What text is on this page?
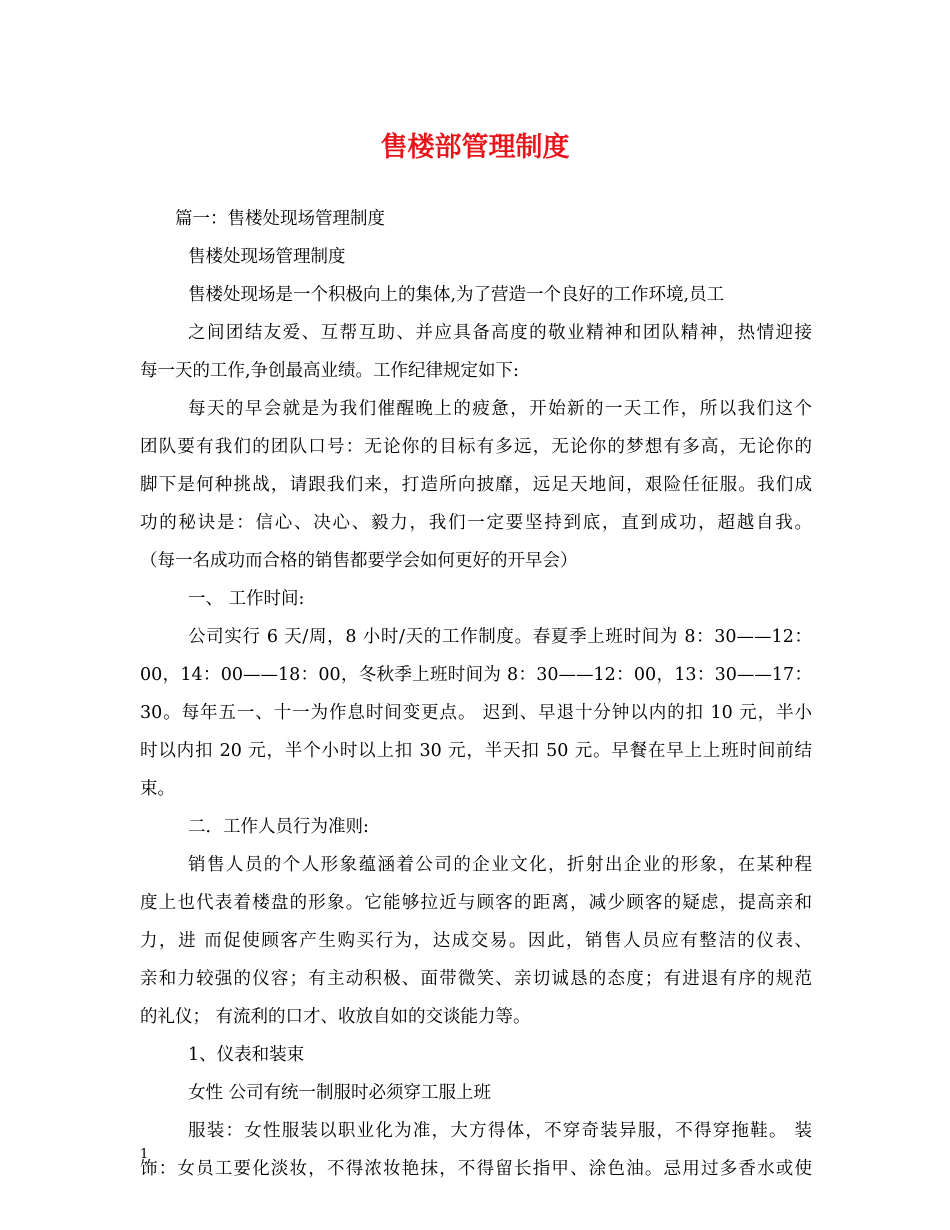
售楼部管理制度
篇一：售楼处现场管理制度
售楼处现场管理制度
售楼处现场是一个积极向上的集体,为了营造一个良好的工作环境,员工
之间团结友爱、互帮互助、并应具备高度的敬业精神和团队精神，热情迎接
每一天的工作,争创最高业绩。工作纪律规定如下:
每天的早会就是为我们催醒晚上的疲惫，开始新的一天工作，所以我们这个
团队要有我们的团队口号：无论你的目标有多远，无论你的梦想有多高，无论你的
脚下是何种挑战，请跟我们来，打造所向披靡，远足天地间，艰险任征服。我们成
功的秘诀是：信心、决心、毅力，我们一定要坚持到底，直到成功，超越自我。
（每一名成功而合格的销售都要学会如何更好的开早会）
一、 工作时间:
公司实行 6 天/周，8 小时/天的工作制度。春夏季上班时间为 8：30——12：
00，14：00——18：00，冬秋季上班时间为 8：30——12：00，13：30——17：
30。每年五一、十一为作息时间变更点。 迟到、早退十分钟以内的扣 10 元，半小
时以内扣 20 元，半个小时以上扣 30 元，半天扣 50 元。早餐在早上上班时间前结
束。
二．工作人员行为准则:
销售人员的个人形象蕴涵着公司的企业文化，折射出企业的形象，在某种程
度上也代表着楼盘的形象。它能够拉近与顾客的距离，减少顾客的疑虑，提高亲和
力，进 而促使顾客产生购买行为，达成交易。因此，销售人员应有整洁的仪表、
亲和力较强的仪容；有主动积极、面带微笑、亲切诚恳的态度；有进退有序的规范
的礼仪； 有流利的口才、收放自如的交谈能力等。
1、仪表和装束
女性 公司有统一制服时必须穿工服上班
服装：女性服装以职业化为准，大方得体，不穿奇装异服，不得穿拖鞋。 装
饰：女员工要化淡妆，不得浓妆艳抹，不得留长指甲、涂色油。忌用过多香水或使
1
